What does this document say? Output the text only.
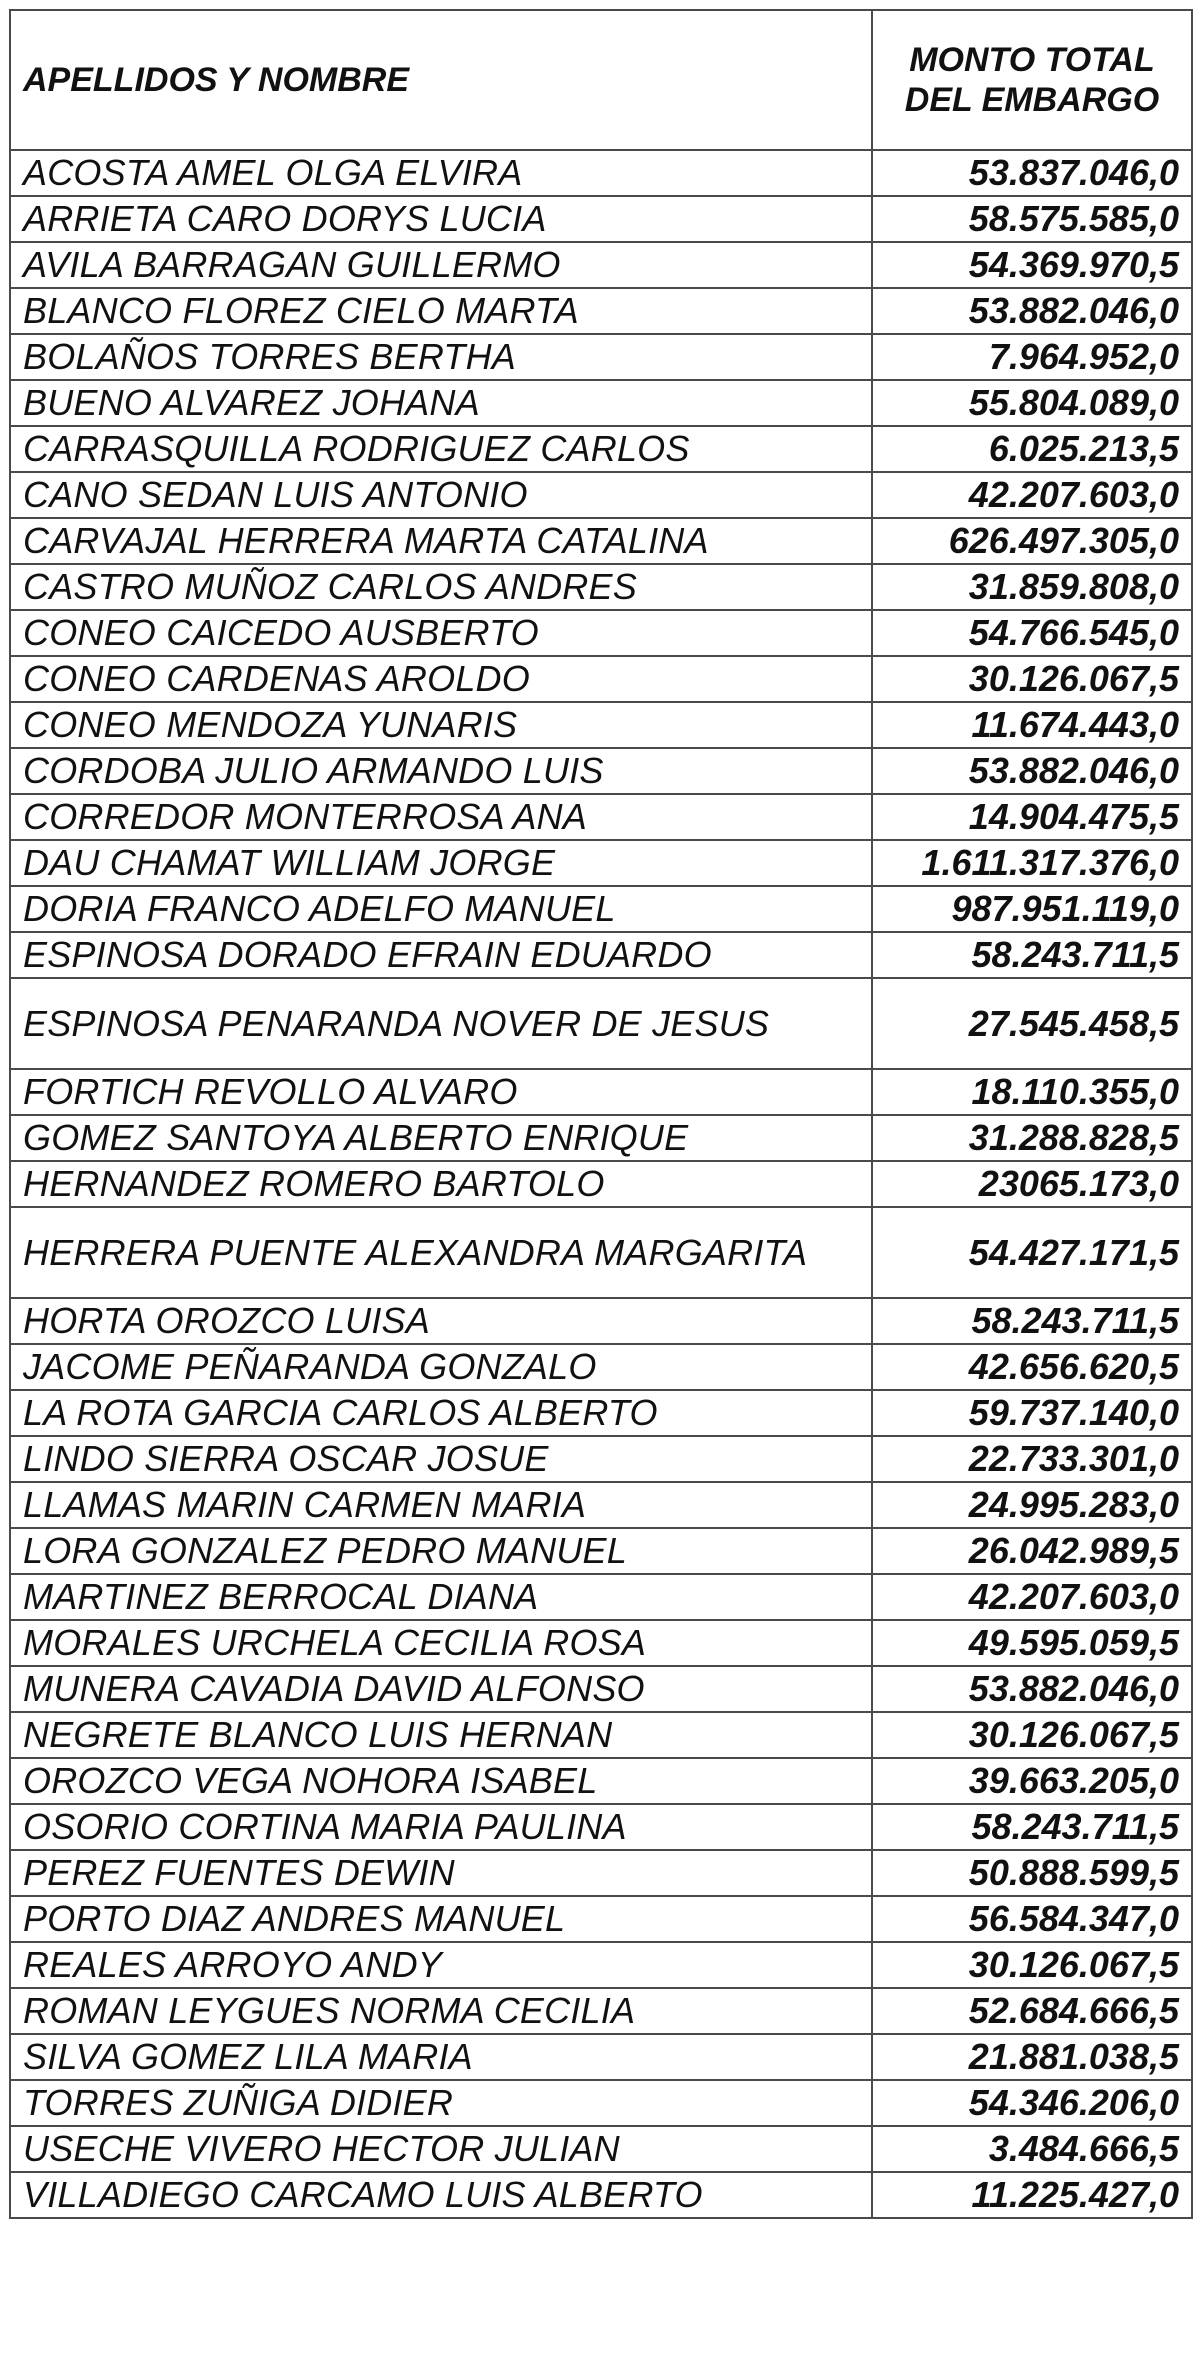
APELLIDOS Y NOMBRE	MONTO TOTAL DEL EMBARGO
ACOSTA AMEL OLGA ELVIRA	53.837.046,0
ARRIETA CARO DORYS LUCIA	58.575.585,0
AVILA BARRAGAN GUILLERMO	54.369.970,5
BLANCO FLOREZ CIELO MARTA	53.882.046,0
BOLAÑOS TORRES BERTHA	7.964.952,0
BUENO ALVAREZ JOHANA	55.804.089,0
CARRASQUILLA RODRIGUEZ CARLOS	6.025.213,5
CANO SEDAN LUIS ANTONIO	42.207.603,0
CARVAJAL HERRERA MARTA CATALINA	626.497.305,0
CASTRO MUÑOZ CARLOS ANDRES	31.859.808,0
CONEO CAICEDO AUSBERTO	54.766.545,0
CONEO CARDENAS AROLDO	30.126.067,5
CONEO MENDOZA YUNARIS	11.674.443,0
CORDOBA JULIO ARMANDO LUIS	53.882.046,0
CORREDOR MONTERROSA ANA	14.904.475,5
DAU CHAMAT WILLIAM JORGE	1.611.317.376,0
DORIA FRANCO ADELFO MANUEL	987.951.119,0
ESPINOSA DORADO EFRAIN EDUARDO	58.243.711,5
ESPINOSA PENARANDA NOVER DE JESUS	27.545.458,5
FORTICH REVOLLO ALVARO	18.110.355,0
GOMEZ SANTOYA ALBERTO ENRIQUE	31.288.828,5
HERNANDEZ ROMERO BARTOLO	23065.173,0
HERRERA PUENTE ALEXANDRA MARGARITA	54.427.171,5
HORTA OROZCO LUISA	58.243.711,5
JACOME PEÑARANDA GONZALO	42.656.620,5
LA ROTA GARCIA CARLOS ALBERTO	59.737.140,0
LINDO SIERRA OSCAR JOSUE	22.733.301,0
LLAMAS MARIN CARMEN MARIA	24.995.283,0
LORA GONZALEZ PEDRO MANUEL	26.042.989,5
MARTINEZ BERROCAL DIANA	42.207.603,0
MORALES URCHELA CECILIA ROSA	49.595.059,5
MUNERA CAVADIA DAVID ALFONSO	53.882.046,0
NEGRETE BLANCO LUIS HERNAN	30.126.067,5
OROZCO VEGA NOHORA ISABEL	39.663.205,0
OSORIO CORTINA MARIA PAULINA	58.243.711,5
PEREZ FUENTES DEWIN	50.888.599,5
PORTO DIAZ ANDRES MANUEL	56.584.347,0
REALES ARROYO ANDY	30.126.067,5
ROMAN LEYGUES NORMA CECILIA	52.684.666,5
SILVA GOMEZ LILA MARIA	21.881.038,5
TORRES ZUÑIGA DIDIER	54.346.206,0
USECHE VIVERO HECTOR JULIAN	3.484.666,5
VILLADIEGO CARCAMO LUIS ALBERTO	11.225.427,0
